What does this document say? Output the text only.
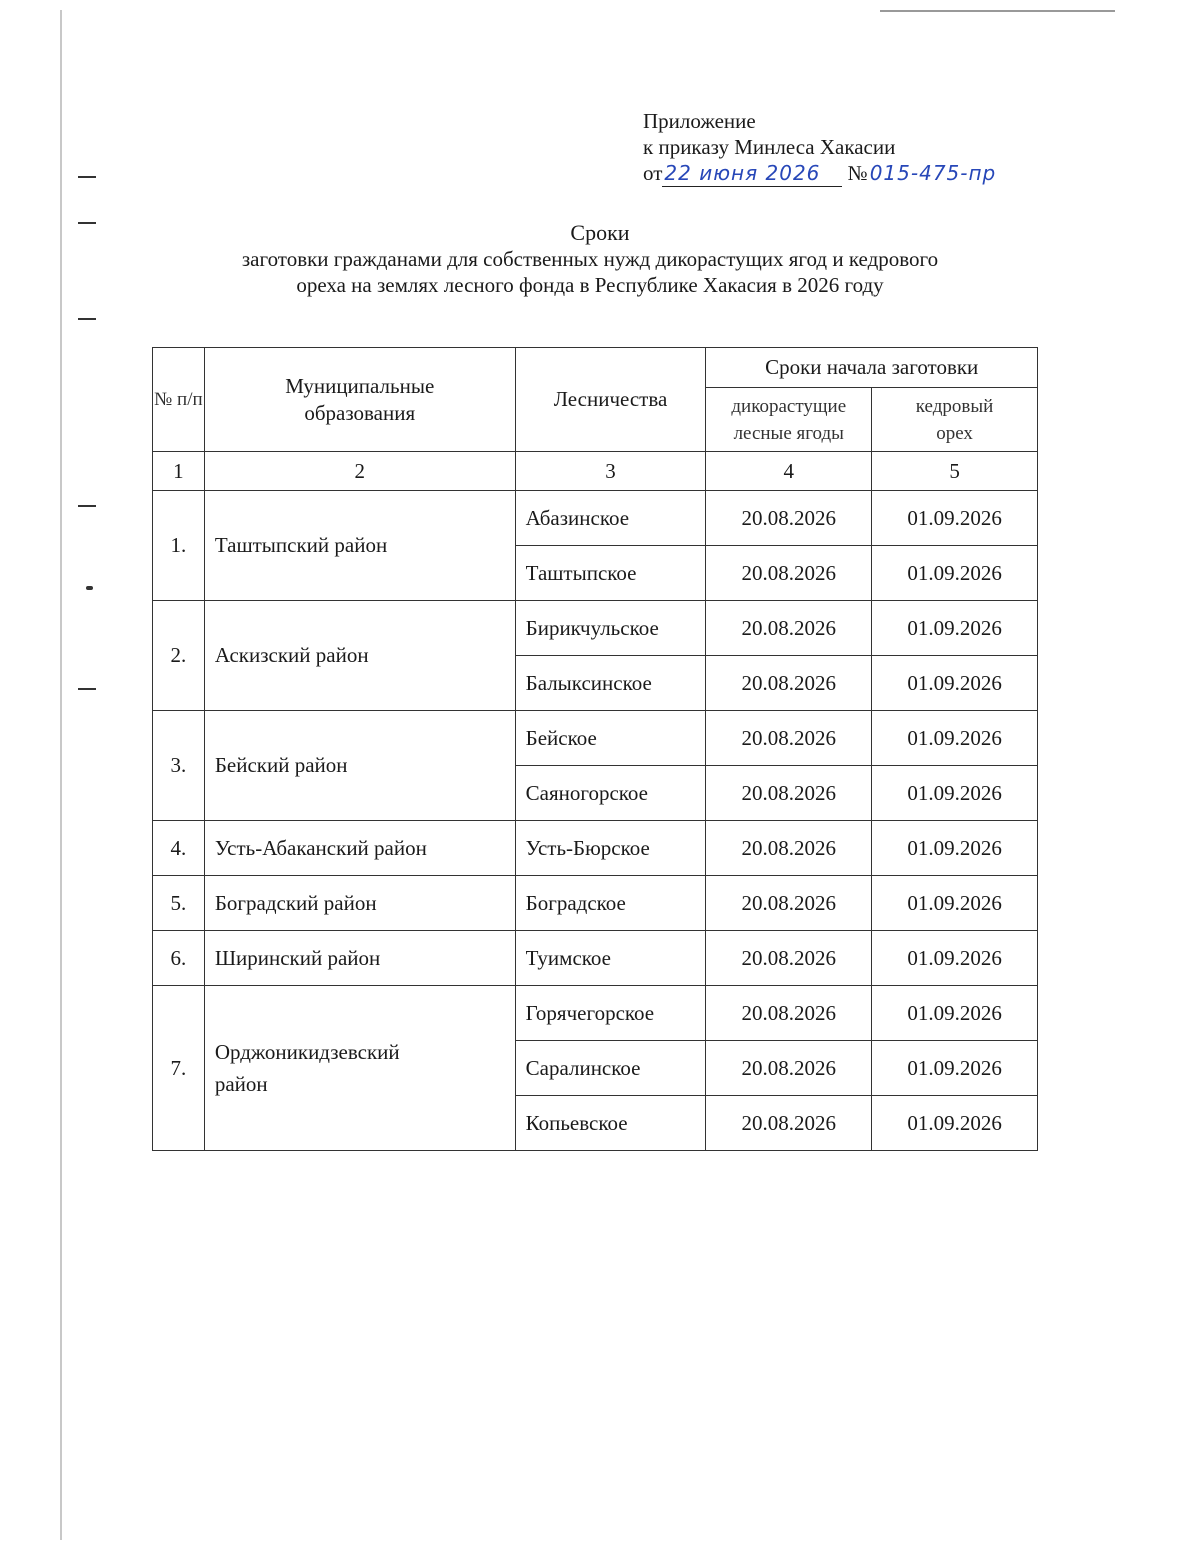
Приложение
к приказу Минлеса Хакасии
от 22 июня 2026 № 015-475-пр
Сроки
заготовки гражданами для собственных нужд дикорастущих ягод и кедрового
ореха на землях лесного фонда в Республике Хакасия в 2026 году
№ п/п	Муниципальные образования	Лесничества	Сроки начала заготовки	
			дикорастущие лесные ягоды	кедровый орех
1	2	3	4	5
1.	Таштыпский район	Абазинское	20.08.2026	01.09.2026
		Таштыпское	20.08.2026	01.09.2026
2.	Аскизский район	Бирикчульское	20.08.2026	01.09.2026
		Балыксинское	20.08.2026	01.09.2026
3.	Бейский район	Бейское	20.08.2026	01.09.2026
		Саяногорское	20.08.2026	01.09.2026
4.	Усть-Абаканский район	Усть-Бюрское	20.08.2026	01.09.2026
5.	Боградский район	Боградское	20.08.2026	01.09.2026
6.	Ширинский район	Туимское	20.08.2026	01.09.2026
7.	Орджоникидзевский район	Горячегорское	20.08.2026	01.09.2026
		Саралинское	20.08.2026	01.09.2026
		Копьевское	20.08.2026	01.09.2026
